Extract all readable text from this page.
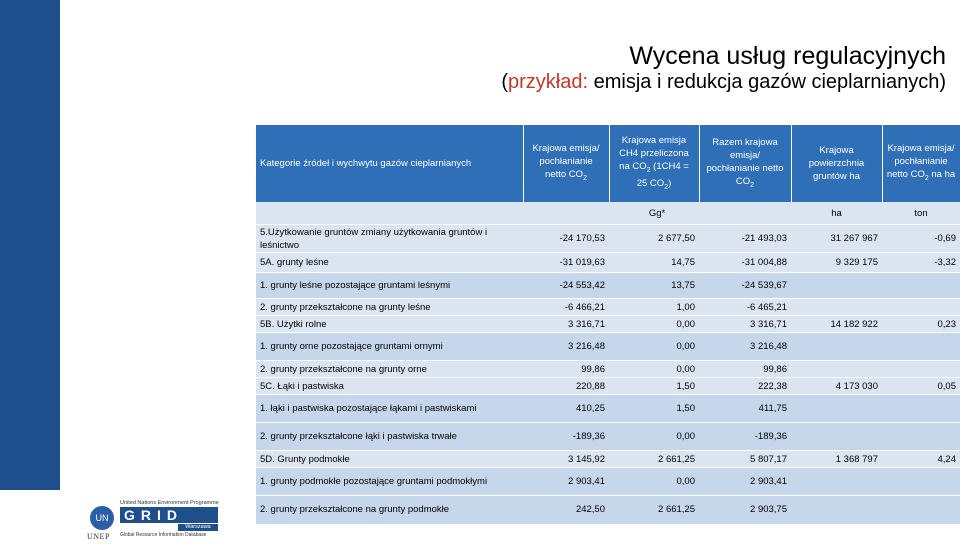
Wycena usług regulacyjnych
(przykład: emisja i redukcja gazów cieplarnianych)
Kategorie źródeł i wychwytu gazów cieplarnianych	Krajowa emisja/ pochłanianie netto $CO_2$	Krajowa emisja CH4 przeliczona na $CO_2$ (1CH4 = 25 $CO_2$)	Razem krajowa emisja/ pochłanianie netto $CO_2$	Krajowa powierzchnia gruntów ha	Krajowa emisja/ pochłanianie netto $CO_2$ na ha
	Gg*			ha	ton
5.Użytkowanie gruntów zmiany użytkowania gruntów i leśnictwo	-24 170,53	2 677,50	-21 493,03	31 267 967	-0,69
5A. grunty leśne	-31 019,63	14,75	-31 004,88	9 329 175	-3,32
1. grunty leśne pozostające gruntami leśnymi	-24 553,42	13,75	-24 539,67		
2. grunty przekształcone na grunty leśne	-6 466,21	1,00	-6 465,21		
5B. Użytki rolne	3 316,71	0,00	3 316,71	14 182 922	0,23
1. grunty orne pozostające gruntami ornymi	3 216,48	0,00	3 216,48		
2. grunty przekształcone na grunty orne	99,86	0,00	99,86		
5C. Łąki i pastwiska	220,88	1,50	222,38	4 173 030	0,05
1. łąki i pastwiska pozostające łąkami i pastwiskami	410,25	1,50	411,75		
2. grunty przekształcone łąki i pastwiska trwałe	-189,36	0,00	-189,36		
5D. Grunty podmokłe	3 145,92	2 661,25	5 807,17	1 368 797	4,24
1. grunty podmokłe pozostające gruntami podmokłymi	2 903,41	0,00	2 903,41		
2. grunty przekształcone na grunty podmokłe	242,50	2 661,25	2 903,75		
UN
UNEP
United Nations Environment Programme
GRID
Warszawa
Global Resource Information Database
